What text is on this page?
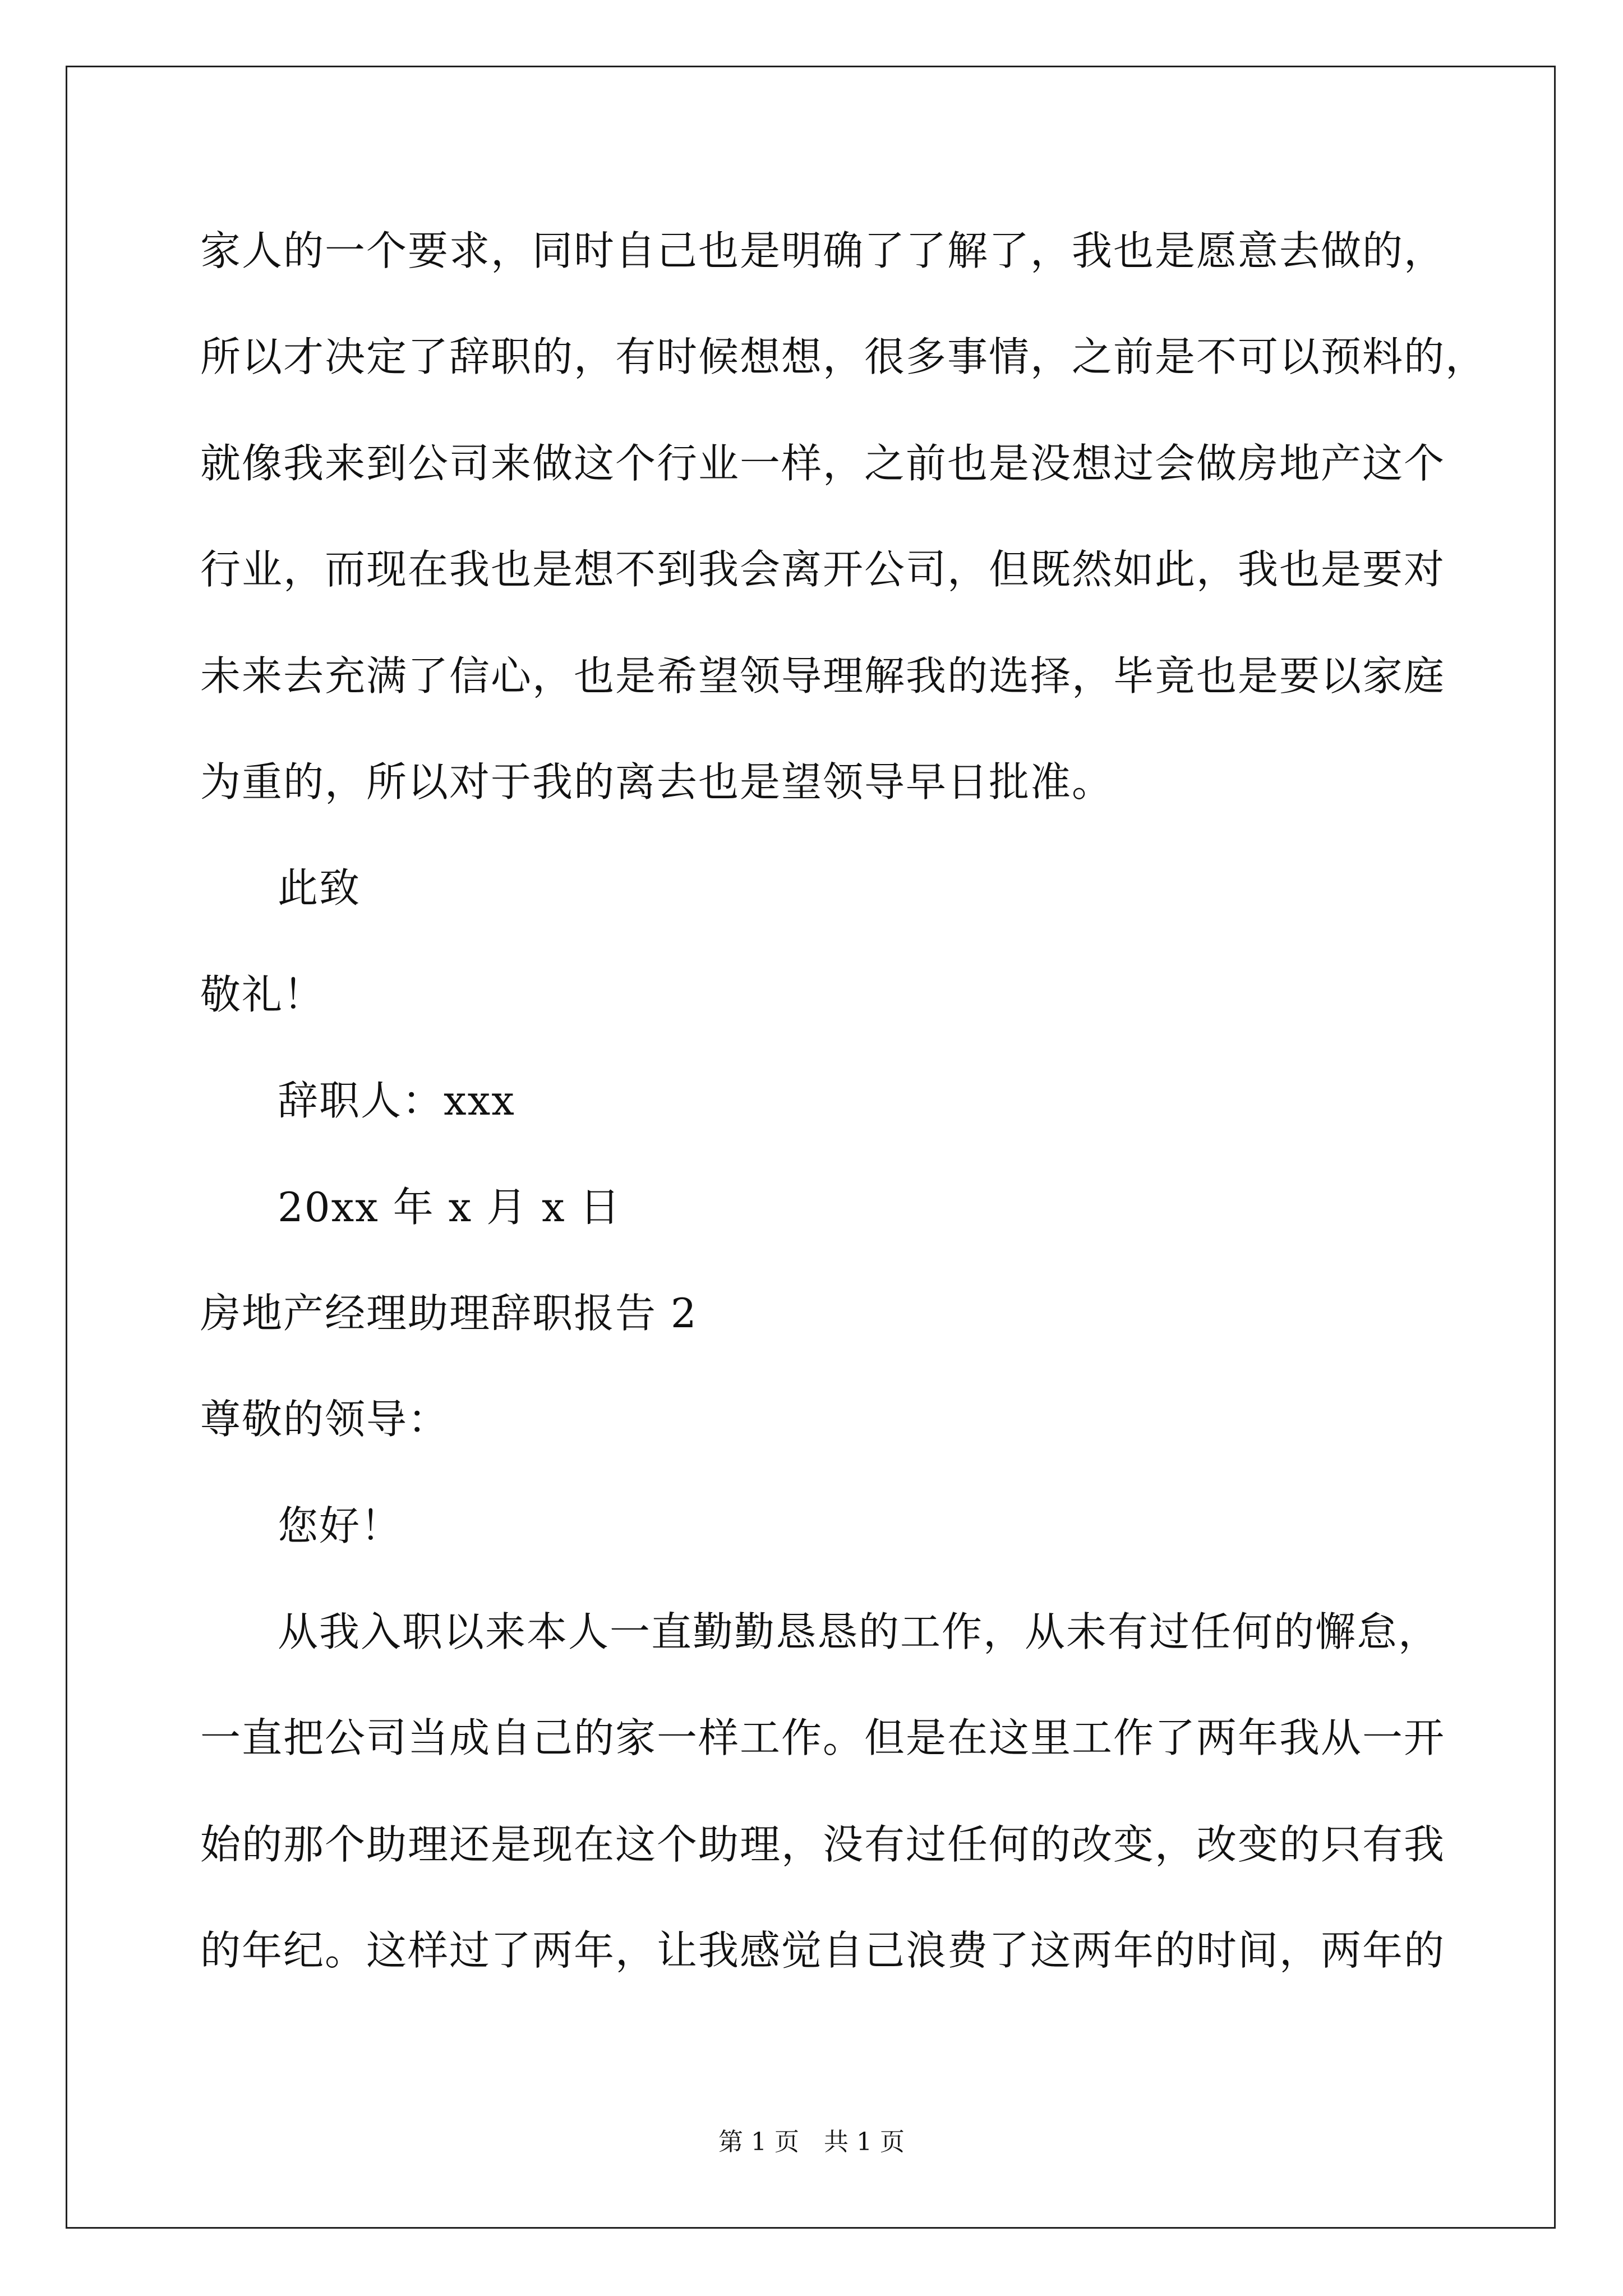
家人的一个要求，同时自己也是明确了了解了，我也是愿意去做的，
所以才决定了辞职的，有时候想想，很多事情，之前是不可以预料的，
就像我来到公司来做这个行业一样，之前也是没想过会做房地产这个
行业，而现在我也是想不到我会离开公司，但既然如此，我也是要对
未来去充满了信心，也是希望领导理解我的选择，毕竟也是要以家庭
为重的，所以对于我的离去也是望领导早日批准。
此致
敬礼！
辞职人：xxx
20xx 年 x 月 x 日
房地产经理助理辞职报告 2
尊敬的领导：
您好！
从我入职以来本人一直勤勤恳恳的工作，从未有过任何的懈怠，
一直把公司当成自己的家一样工作。但是在这里工作了两年我从一开
始的那个助理还是现在这个助理，没有过任何的改变，改变的只有我
的年纪。这样过了两年，让我感觉自己浪费了这两年的时间，两年的
第 1 页　共 1 页
